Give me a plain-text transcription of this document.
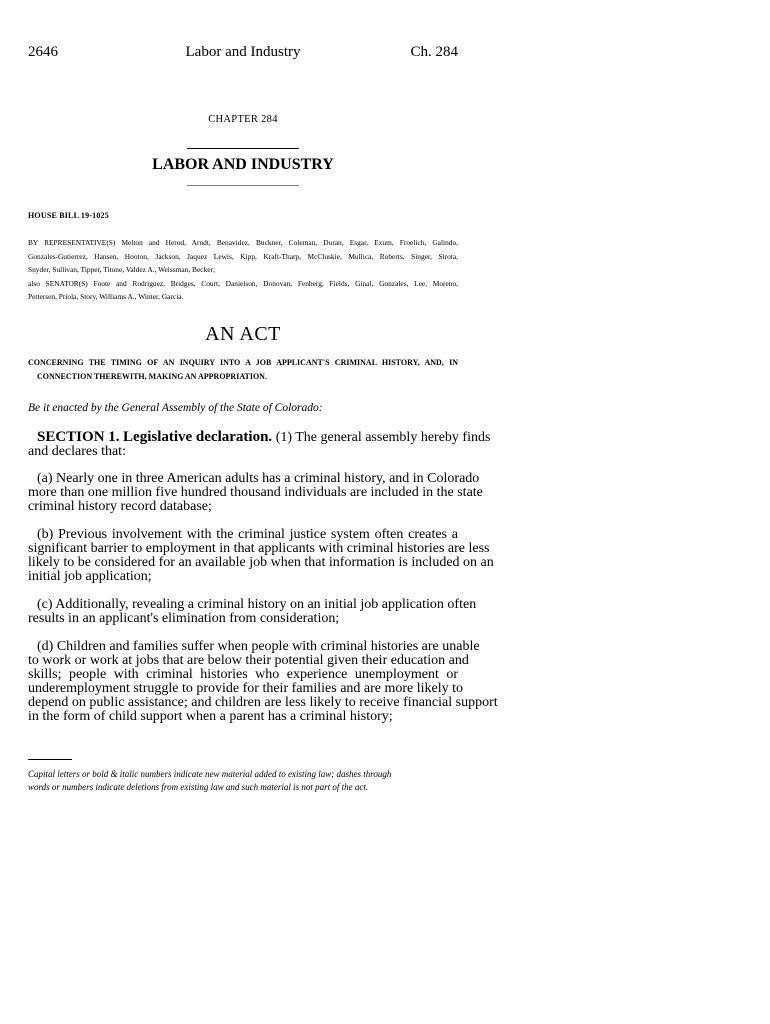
2646	Labor and Industry	Ch. 284
CHAPTER 284
LABOR AND INDUSTRY
HOUSE BILL 19-1025
BY REPRESENTATIVE(S) Melton and Herod, Arndt, Benavidez, Buckner, Coleman, Duran, Esgar, Exum, Froelich, Galindo,
Gonzales-Gutierrez, Hansen, Hooton, Jackson, Jaquez Lewis, Kipp, Kraft-Tharp, McCluskie, Mullica, Roberts, Singer, Sirota,
Snyder, Sullivan, Tipper, Titone, Valdez A., Weissman, Becker;
also SENATOR(S) Foote and Rodriguez, Bridges, Court, Danielson, Donovan, Fenberg, Fields, Ginal, Gonzales, Lee, Moreno,
Pettersen, Priola, Story, Williams A., Winter, Garcia.
AN ACT
CONCERNING THE TIMING OF AN INQUIRY INTO A JOB APPLICANT'S CRIMINAL HISTORY, AND, IN
CONNECTION THEREWITH, MAKING AN APPROPRIATION.
Be it enacted by the General Assembly of the State of Colorado:
SECTION 1. Legislative declaration. (1) The general assembly hereby finds
and declares that:
(a) Nearly one in three American adults has a criminal history, and in Colorado
more than one million five hundred thousand individuals are included in the state
criminal history record database;
(b) Previous involvement with the criminal justice system often creates a
significant barrier to employment in that applicants with criminal histories are less
likely to be considered for an available job when that information is included on an
initial job application;
(c) Additionally, revealing a criminal history on an initial job application often
results in an applicant's elimination from consideration;
(d) Children and families suffer when people with criminal histories are unable
to work or work at jobs that are below their potential given their education and
skills; people with criminal histories who experience unemployment or
underemployment struggle to provide for their families and are more likely to
depend on public assistance; and children are less likely to receive financial support
in the form of child support when a parent has a criminal history;
Capital letters or bold & italic numbers indicate new material added to existing law; dashes through
words or numbers indicate deletions from existing law and such material is not part of the act.
